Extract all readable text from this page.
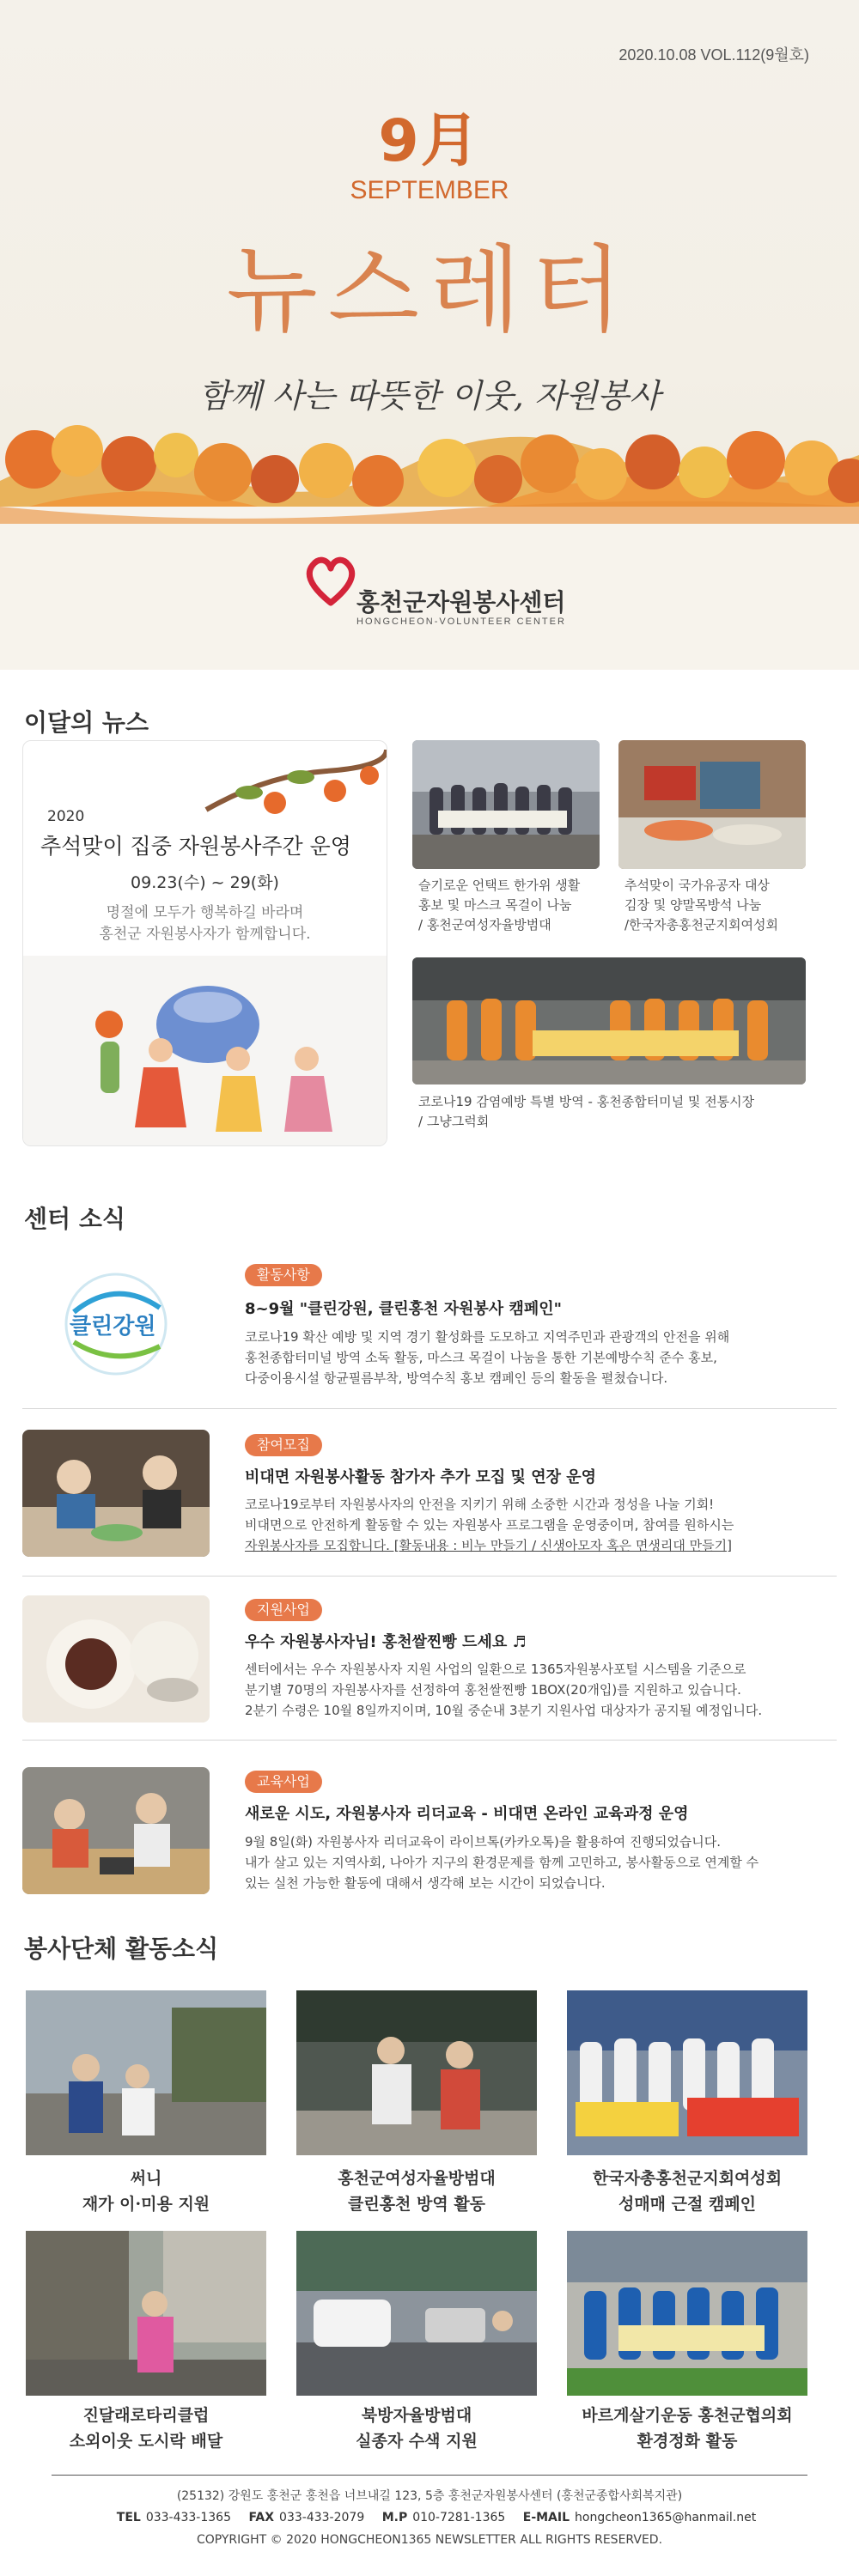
2020.10.08 VOL.112(9월호)
9月
SEPTEMBER
뉴스레터
함께 사는 따뜻한 이웃, 자원봉사
홍천군자원봉사센터
HONGCHEON-VOLUNTEER CENTER
이달의 뉴스
2020
추석맞이 집중 자원봉사주간 운영
09.23(수) ~ 29(화)
명절에 모두가 행복하길 바라며
홍천군 자원봉사자가 함께합니다.
슬기로운 언택트 한가위 생활
홍보 및 마스크 목걸이 나눔
/ 홍천군여성자율방범대
추석맞이 국가유공자 대상
김장 및 양말목방석 나눔
/한국자총홍천군지회여성회
코로나19 감염예방 특별 방역 - 홍천종합터미널 및 전통시장
/ 그냥그럭회
센터 소식
클린강원
활동사항
8~9월 "클린강원, 클린홍천 자원봉사 캠페인"
코로나19 확산 예방 및 지역 경기 활성화를 도모하고 지역주민과 관광객의 안전을 위해
홍천종합터미널 방역 소독 활동, 마스크 목걸이 나눔을 통한 기본예방수칙 준수 홍보,
다중이용시설 항균필름부착, 방역수칙 홍보 캠페인 등의 활동을 펼쳤습니다.
참여모집
비대면 자원봉사활동 참가자 추가 모집 및 연장 운영
코로나19로부터 자원봉사자의 안전을 지키기 위해 소중한 시간과 정성을 나눌 기회!
비대면으로 안전하게 활동할 수 있는 자원봉사 프로그램을 운영중이며, 참여를 원하시는
자원봉사자를 모집합니다. [활동내용 : 비누 만들기 / 신생아모자 혹은 면생리대 만들기]
지원사업
우수 자원봉사자님! 홍천쌀찐빵 드세요 ♬
센터에서는 우수 자원봉사자 지원 사업의 일환으로 1365자원봉사포털 시스템을 기준으로
분기별 70명의 자원봉사자를 선정하여 홍천쌀찐빵 1BOX(20개입)를 지원하고 있습니다.
2분기 수령은 10월 8일까지이며, 10월 중순내 3분기 지원사업 대상자가 공지될 예정입니다.
교육사업
새로운 시도, 자원봉사자 리더교육 - 비대면 온라인 교육과정 운영
9월 8일(화) 자원봉사자 리더교육이 라이브톡(카카오톡)을 활용하여 진행되었습니다.
내가 살고 있는 지역사회, 나아가 지구의 환경문제를 함께 고민하고, 봉사활동으로 연계할 수
있는 실천 가능한 활동에 대해서 생각해 보는 시간이 되었습니다.
봉사단체 활동소식
써니
재가 이·미용 지원
홍천군여성자율방범대
클린홍천 방역 활동
한국자총홍천군지회여성회
성매매 근절 캠페인
진달래로타리클럽
소외이웃 도시락 배달
북방자율방범대
실종자 수색 지원
바르게살기운동 홍천군협의회
환경정화 활동
(25132) 강원도 홍천군 홍천읍 너브내길 123, 5층 홍천군자원봉사센터 (홍천군종합사회복지관)
TEL 033-433-1365 FAX 033-433-2079 M.P 010-7281-1365 E-MAIL hongcheon1365@hanmail.net
COPYRIGHT © 2020 HONGCHEON1365 NEWSLETTER ALL RIGHTS RESERVED.
